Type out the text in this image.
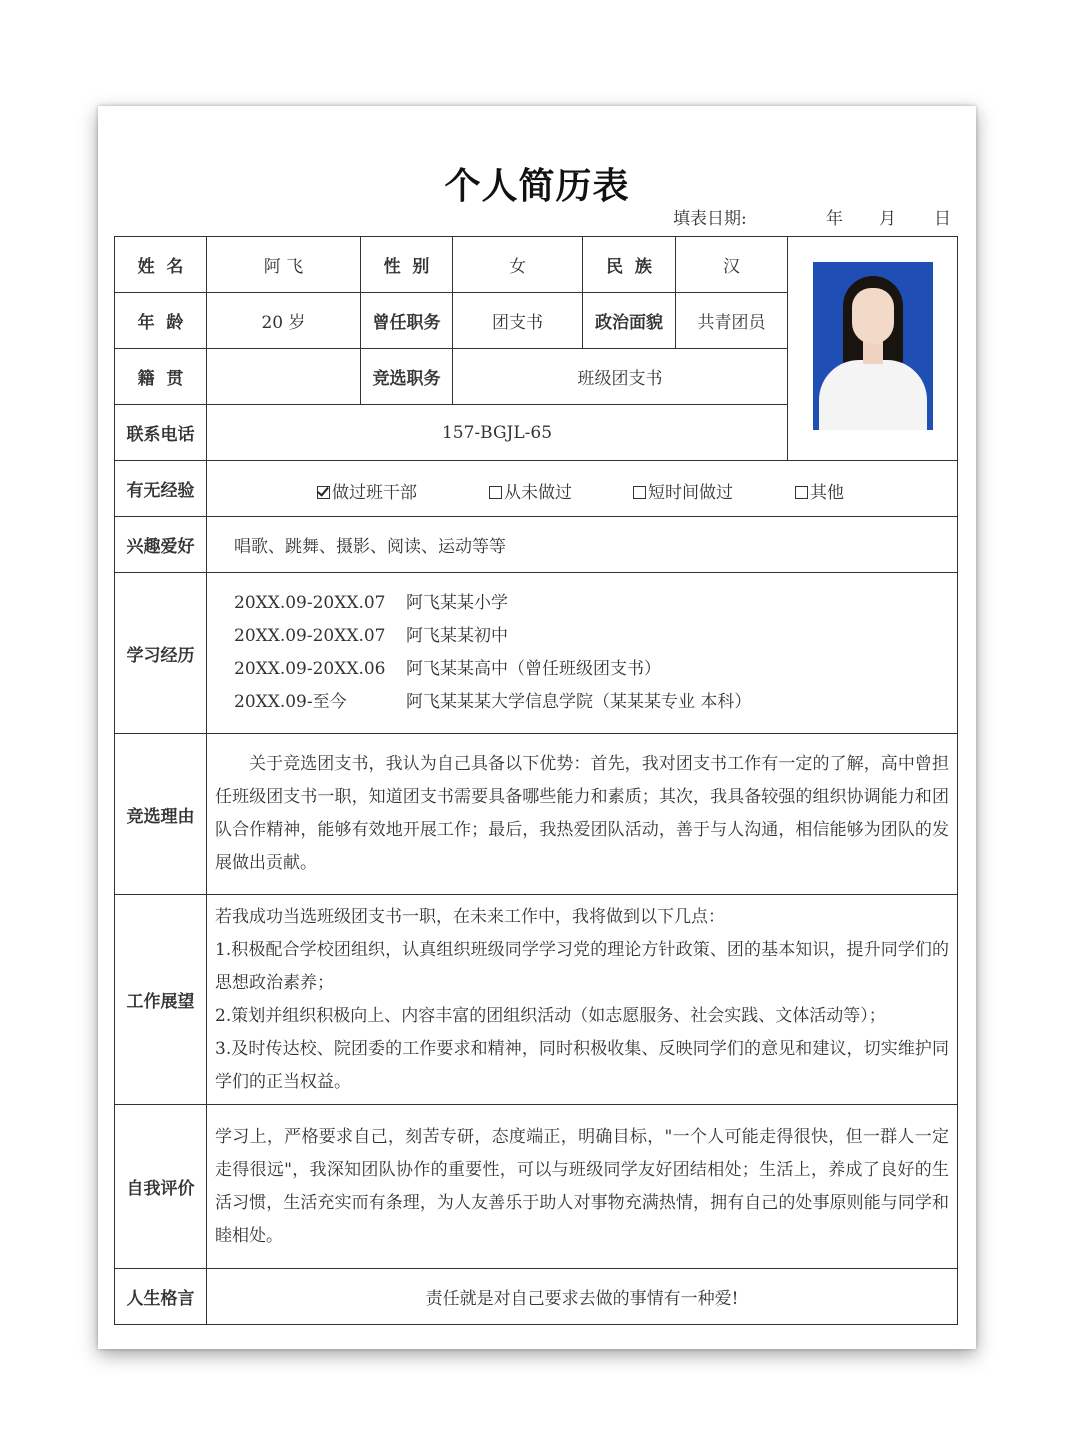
个人简历表
填表日期:	年 月 日
姓  名	阿 飞	性  别	女	民  族	汉	

年  龄	20 岁	曾任职务	团支书	政治面貌	共青团员	
籍  贯		竞选职务	班级团支书			
联系电话	157-BGJL-65					
有无经验	做过班干部 从未做过 短时间做过 其他					

兴趣爱好	唱歌、跳舞、摄影、阅读、运动等等					
学习经历	20XX.09-20XX.07 阿飞某某小学
20XX.09-20XX.07 阿飞某某初中
20XX.09-20XX.06 阿飞某某高中（曾任班级团支书）
20XX.09-至今 阿飞某某某大学信息学院（某某某专业 本科）					

竞选理由	关于竞选团支书，我认为自己具备以下优势：首先，我对团支书工作有一定的了解，高中曾担任班级团支书一职，知道团支书需要具备哪些能力和素质；其次，我具备较强的组织协调能力和团队合作精神，能够有效地开展工作；最后，我热爱团队活动，善于与人沟通，相信能够为团队的发展做出贡献。					

工作展望	若我成功当选班级团支书一职，在未来工作中，我将做到以下几点：
1.积极配合学校团组织，认真组织班级同学学习党的理论方针政策、团的基本知识，提升同学们的思想政治素养；
2.策划并组织积极向上、内容丰富的团组织活动（如志愿服务、社会实践、文体活动等）；
3.及时传达校、院团委的工作要求和精神，同时积极收集、反映同学们的意见和建议，切实维护同学们的正当权益。					

自我评价	学习上，严格要求自己，刻苦专研，态度端正，明确目标，"一个人可能走得很快，但一群人一定走得很远"，我深知团队协作的重要性，可以与班级同学友好团结相处；生活上，养成了良好的生活习惯，生活充实而有条理，为人友善乐于助人对事物充满热情，拥有自己的处事原则能与同学和睦相处。					

人生格言	责任就是对自己要求去做的事情有一种爱!					
